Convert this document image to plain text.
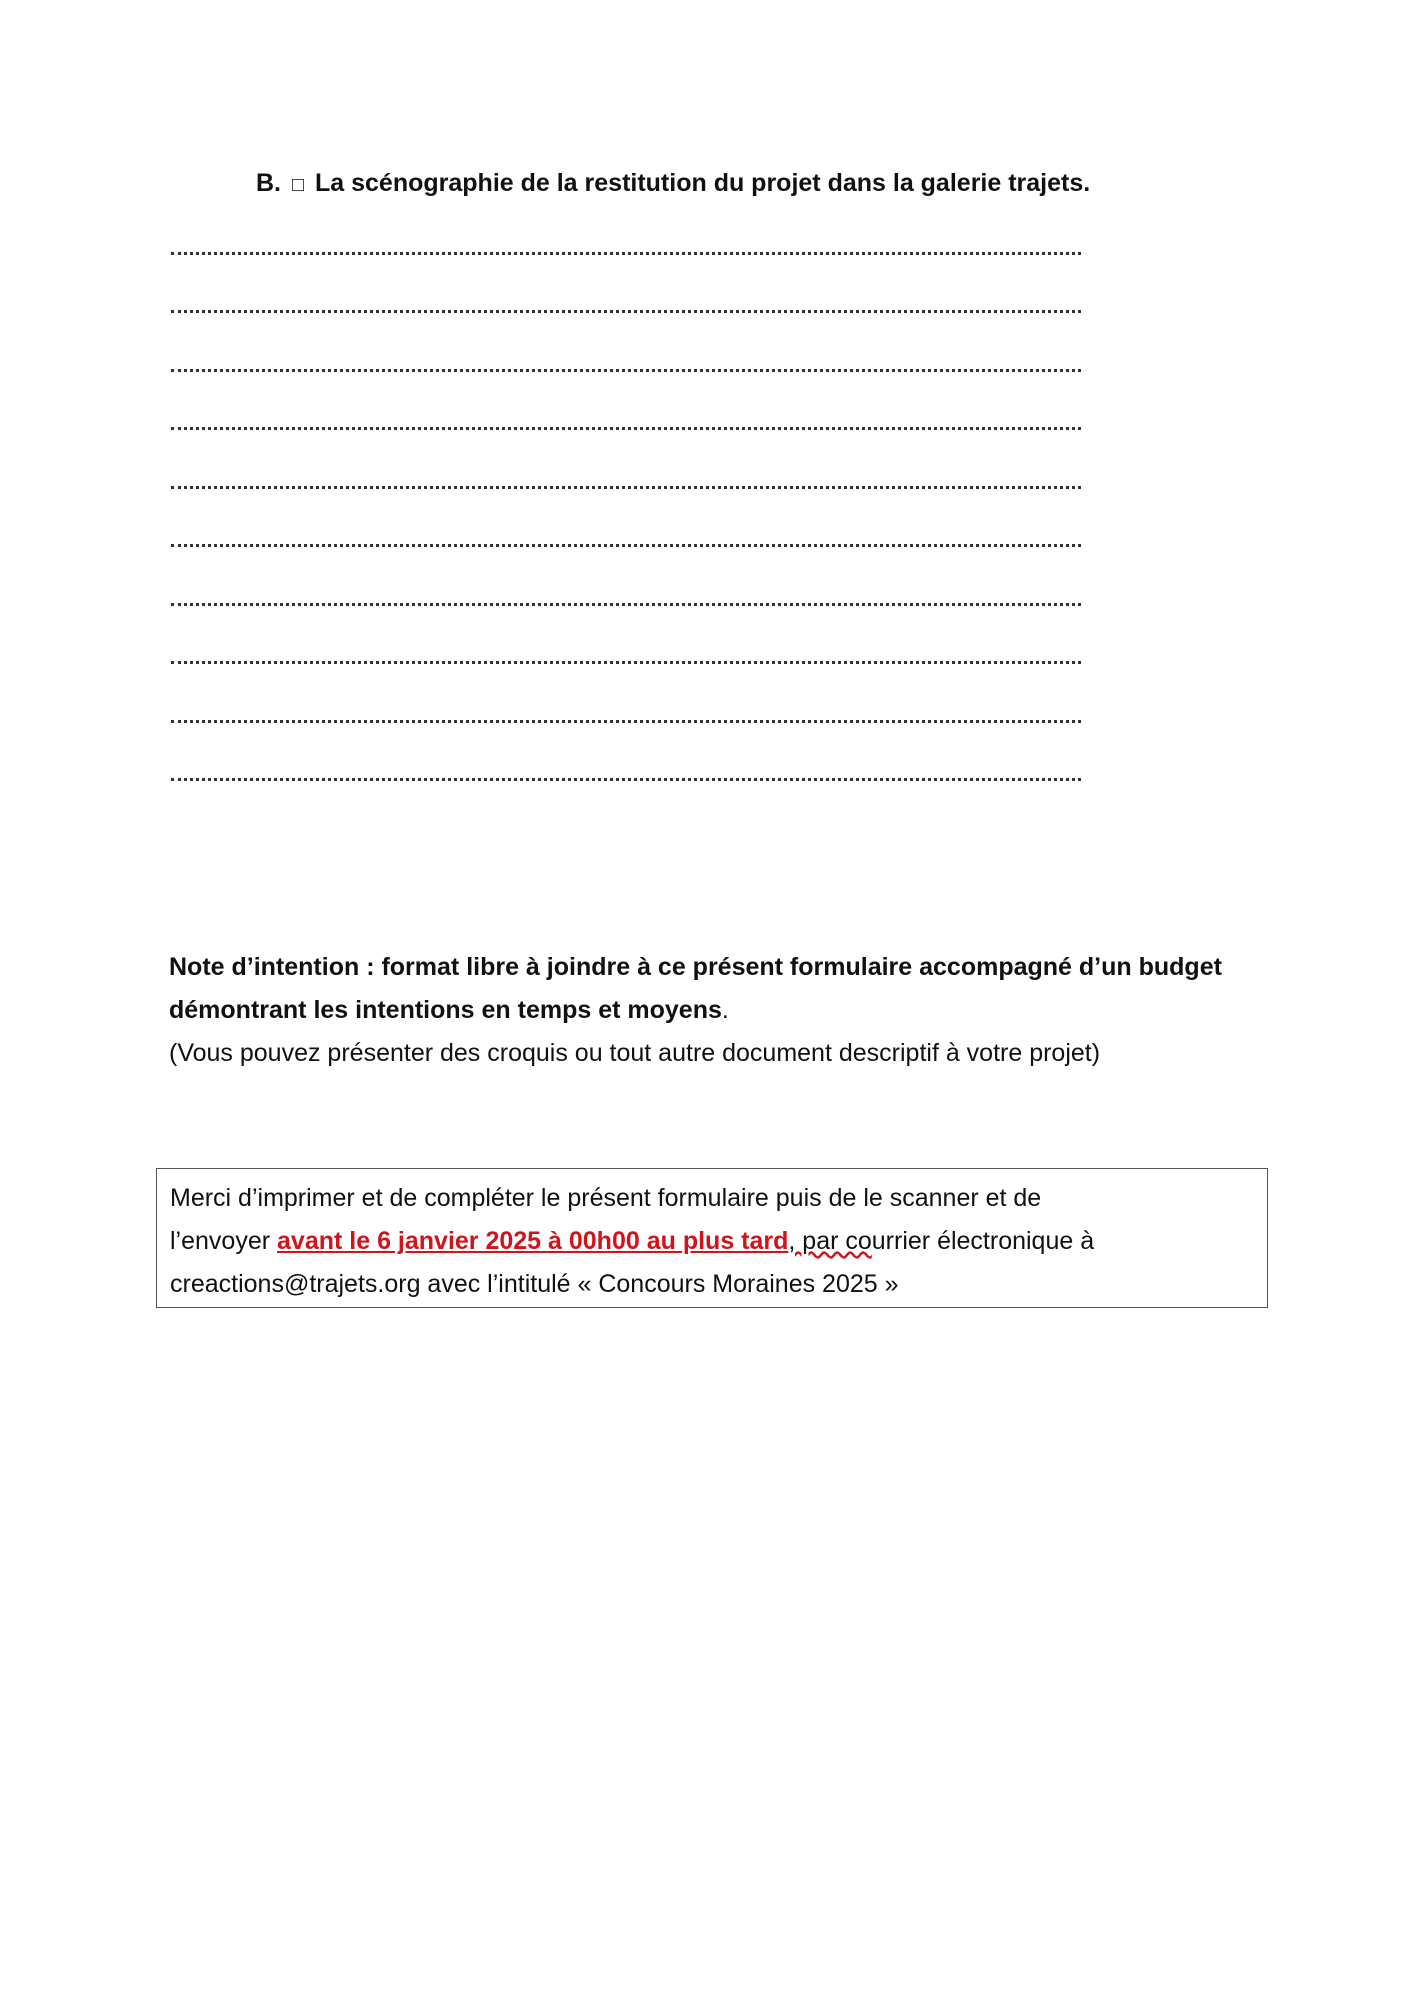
B. □ La scénographie de la restitution du projet dans la galerie trajets.
Note d’intention : format libre à joindre à ce présent formulaire accompagné d’un budget démontrant les intentions en temps et moyens.
(Vous pouvez présenter des croquis ou tout autre document descriptif à votre projet)
Merci d’imprimer et de compléter le présent formulaire puis de le scanner et de
l’envoyer avant le 6 janvier 2025 à 00h00 au plus tard, par courrier électronique à
creactions@trajets.org avec l’intitulé « Concours Moraines 2025 »
